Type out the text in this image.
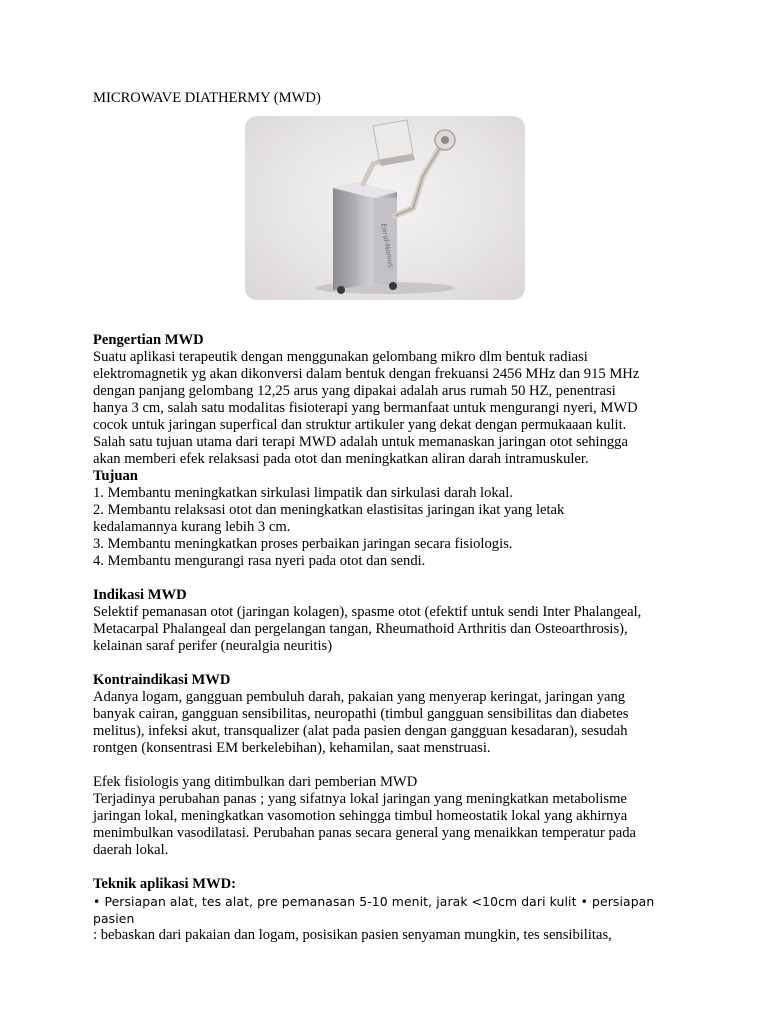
MICROWAVE DIATHERMY (MWD)
Enraf-Nonius

Pengertian MWD

Suatu aplikasi terapeutik dengan menggunakan gelombang mikro dlm bentuk radiasi

elektromagnetik yg akan dikonversi dalam bentuk dengan frekuansi 2456 MHz dan 915 MHz

dengan panjang gelombang 12,25 arus yang dipakai adalah arus rumah 50 HZ, penentrasi

hanya 3 cm, salah satu modalitas fisioterapi yang bermanfaat untuk mengurangi nyeri, MWD

cocok untuk jaringan superfical dan struktur artikuler yang dekat dengan permukaaan kulit.

Salah satu tujuan utama dari terapi MWD adalah untuk memanaskan jaringan otot sehingga

akan memberi efek relaksasi pada otot dan meningkatkan aliran darah intramuskuler.

Tujuan

1. Membantu meningkatkan sirkulasi limpatik dan sirkulasi darah lokal.

2. Membantu relaksasi otot dan meningkatkan elastisitas jaringan ikat yang letak

kedalamannya kurang lebih 3 cm.

3. Membantu meningkatkan proses perbaikan jaringan secara fisiologis.

4. Membantu mengurangi rasa nyeri pada otot dan sendi.

Indikasi MWD

Selektif pemanasan otot (jaringan kolagen), spasme otot (efektif untuk sendi Inter Phalangeal,

Metacarpal Phalangeal dan pergelangan tangan, Rheumathoid Arthritis dan Osteoarthrosis),

kelainan saraf perifer (neuralgia neuritis)

Kontraindikasi MWD

Adanya logam, gangguan pembuluh darah, pakaian yang menyerap keringat, jaringan yang

banyak cairan, gangguan sensibilitas, neuropathi (timbul gangguan sensibilitas dan diabetes

melitus), infeksi akut, transqualizer (alat pada pasien dengan gangguan kesadaran), sesudah

rontgen (konsentrasi EM berkelebihan), kehamilan, saat menstruasi.

Efek fisiologis yang ditimbulkan dari pemberian MWD

Terjadinya perubahan panas ; yang sifatnya lokal jaringan yang meningkatkan metabolisme

jaringan lokal, meningkatkan vasomotion sehingga timbul homeostatik lokal yang akhirnya

menimbulkan vasodilatasi. Perubahan panas secara general yang menaikkan temperatur pada

daerah lokal.

Teknik aplikasi MWD:

• Persiapan alat, tes alat, pre pemanasan 5-10 menit, jarak <10cm dari kulit • persiapan pasien

: bebaskan dari pakaian dan logam, posisikan pasien senyaman mungkin, tes sensibilitas,
